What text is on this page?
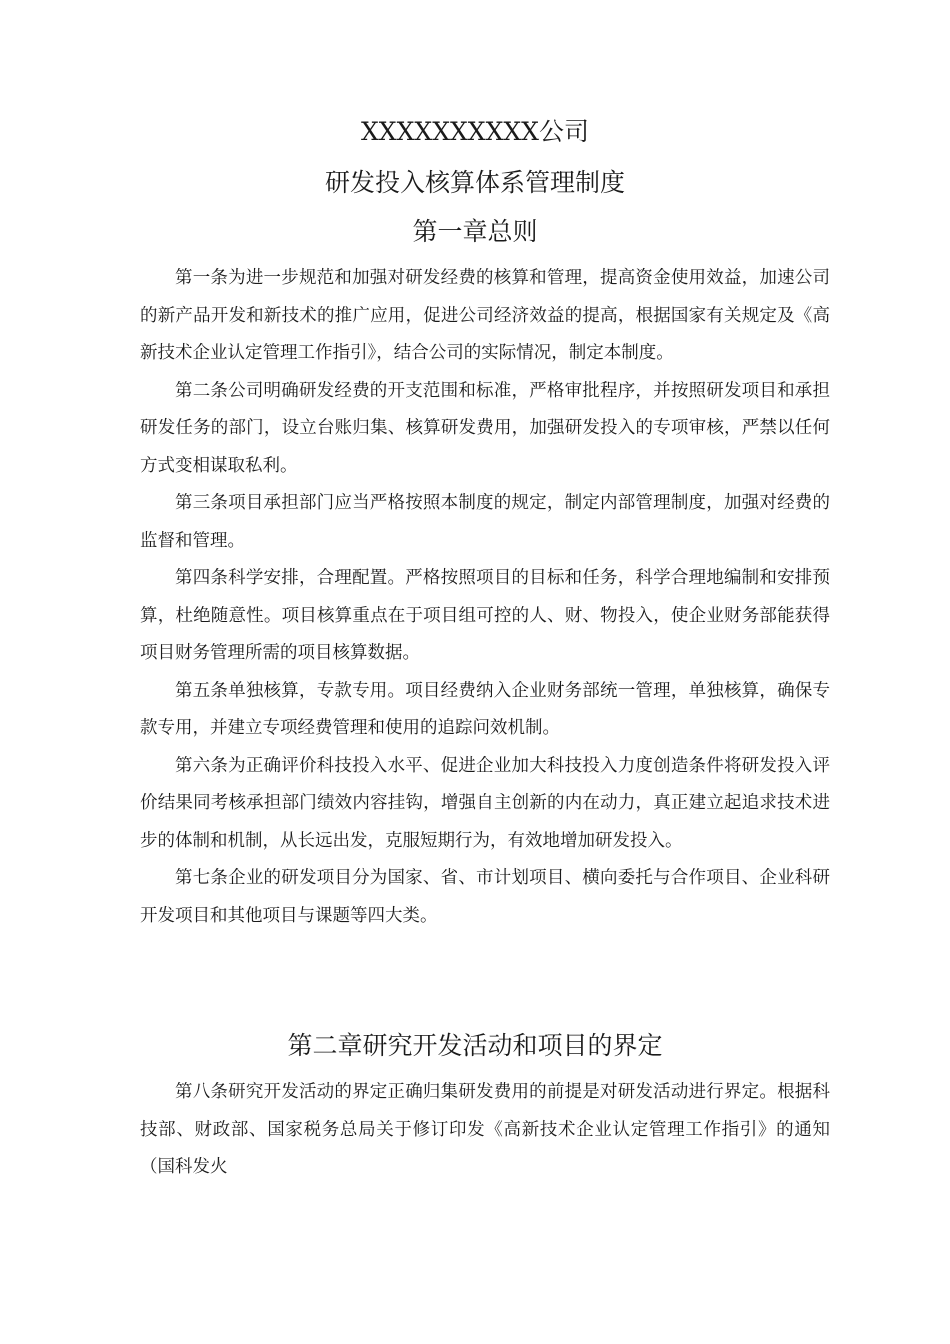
XXXXXXXXXX公司
研发投入核算体系管理制度
第一章总则

第一条为进一步规范和加强对研发经费的核算和管理，提高资金使用效益，加速公司的新产品开发和新技术的推广应用，促进公司经济效益的提高，根据国家有关规定及《高新技术企业认定管理工作指引》，结合公司的实际情况，制定本制度。

第二条公司明确研发经费的开支范围和标准，严格审批程序，并按照研发项目和承担研发任务的部门，设立台账归集、核算研发费用，加强研发投入的专项审核，严禁以任何方式变相谋取私利。

第三条项目承担部门应当严格按照本制度的规定，制定内部管理制度，加强对经费的监督和管理。

第四条科学安排，合理配置。严格按照项目的目标和任务，科学合理地编制和安排预算，杜绝随意性。项目核算重点在于项目组可控的人、财、物投入，使企业财务部能获得项目财务管理所需的项目核算数据。

第五条单独核算，专款专用。项目经费纳入企业财务部统一管理，单独核算，确保专款专用，并建立专项经费管理和使用的追踪问效机制。

第六条为正确评价科技投入水平、促进企业加大科技投入力度创造条件将研发投入评价结果同考核承担部门绩效内容挂钩，增强自主创新的内在动力，真正建立起追求技术进步的体制和机制，从长远出发，克服短期行为，有效地增加研发投入。

第七条企业的研发项目分为国家、省、市计划项目、横向委托与合作项目、企业科研开发项目和其他项目与课题等四大类。

第二章研究开发活动和项目的界定

第八条研究开发活动的界定正确归集研发费用的前提是对研发活动进行界定。根据科技部、财政部、国家税务总局关于修订印发《高新技术企业认定管理工作指引》的通知（国科发火
